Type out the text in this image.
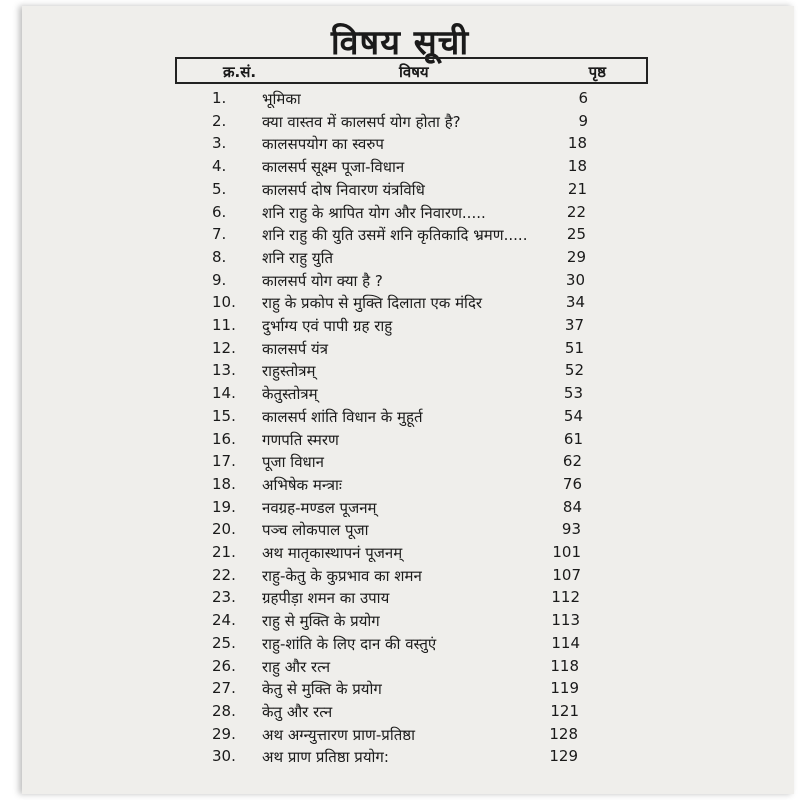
विषय सूची
क्र.सं.	विषय	पृष्ठ
1. भूमिका	6
2. क्या वास्तव में कालसर्प योग होता है?	9
3. कालसपयोग का स्वरुप	18
4. कालसर्प सूक्ष्म पूजा-विधान	18
5. कालसर्प दोष निवारण यंत्रविधि	21
6. शनि राहु के श्रापित योग और निवारण.....	22
7. शनि राहु की युति उसमें शनि कृतिकादि भ्रमण.....	25
8. शनि राहु युति	29
9. कालसर्प योग क्या है ?	30
10. राहु के प्रकोप से मुक्ति दिलाता एक मंदिर	34
11. दुर्भाग्य एवं पापी ग्रह राहु	37
12. कालसर्प यंत्र	51
13. राहुस्तोत्रम्	52
14. केतुस्तोत्रम्	53
15. कालसर्प शांति विधान के मुहूर्त	54
16. गणपति स्मरण	61
17. पूजा विधान	62
18. अभिषेक मन्त्राः	76
19. नवग्रह-मण्डल पूजनम्	84
20. पञ्च लोकपाल पूजा	93
21. अथ मातृकास्थापनं पूजनम्	101
22. राहु-केतु के कुप्रभाव का शमन	107
23. ग्रहपीड़ा शमन का उपाय	112
24. राहु से मुक्ति के प्रयोग	113
25. राहु-शांति के लिए दान की वस्तुएं	114
26. राहु और रत्न	118
27. केतु से मुक्ति के प्रयोग	119
28. केतु और रत्न	121
29. अथ अग्न्युत्तारण प्राण-प्रतिष्ठा	128
30. अथ प्राण प्रतिष्ठा प्रयोग:	129
